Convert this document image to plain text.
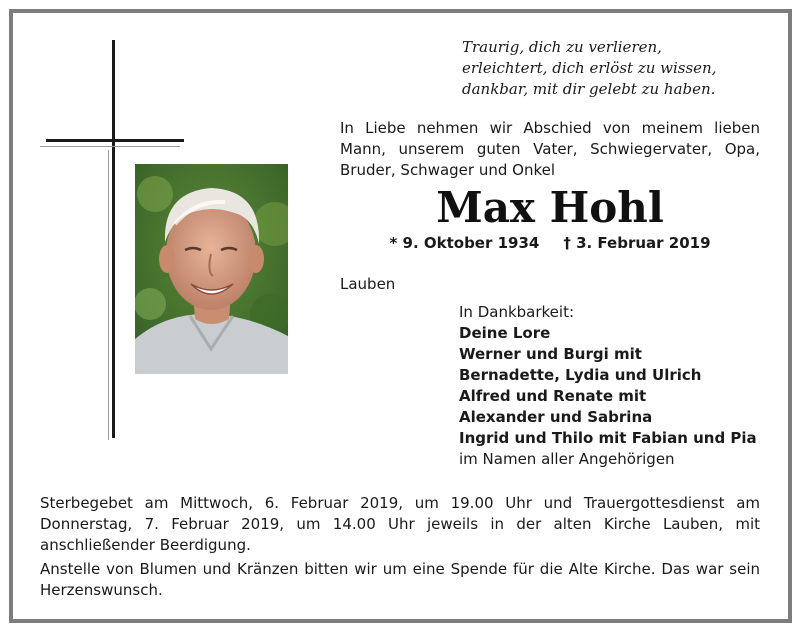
Traurig, dich zu verlieren,
erleichtert, dich erlöst zu wissen,
dankbar, mit dir gelebt zu haben.
In Liebe nehmen wir Abschied von meinem lieben Mann, unserem guten Vater, Schwiegervater, Opa, Bruder, Schwager und Onkel
Max Hohl
* 9. Oktober 1934 † 3. Februar 2019
Lauben
In Dankbarkeit:
Deine Lore
Werner und Burgi mit
Bernadette, Lydia und Ulrich
Alfred und Renate mit
Alexander und Sabrina
Ingrid und Thilo mit Fabian und Pia
im Namen aller Angehörigen

Sterbegebet am Mittwoch, 6. Februar 2019, um 19.00 Uhr und Trauergottesdienst am Donnerstag, 7. Februar 2019, um 14.00 Uhr jeweils in der alten Kirche Lauben, mit anschließender Beerdigung.

Anstelle von Blumen und Kränzen bitten wir um eine Spende für die Alte Kirche. Das war sein Herzenswunsch.
